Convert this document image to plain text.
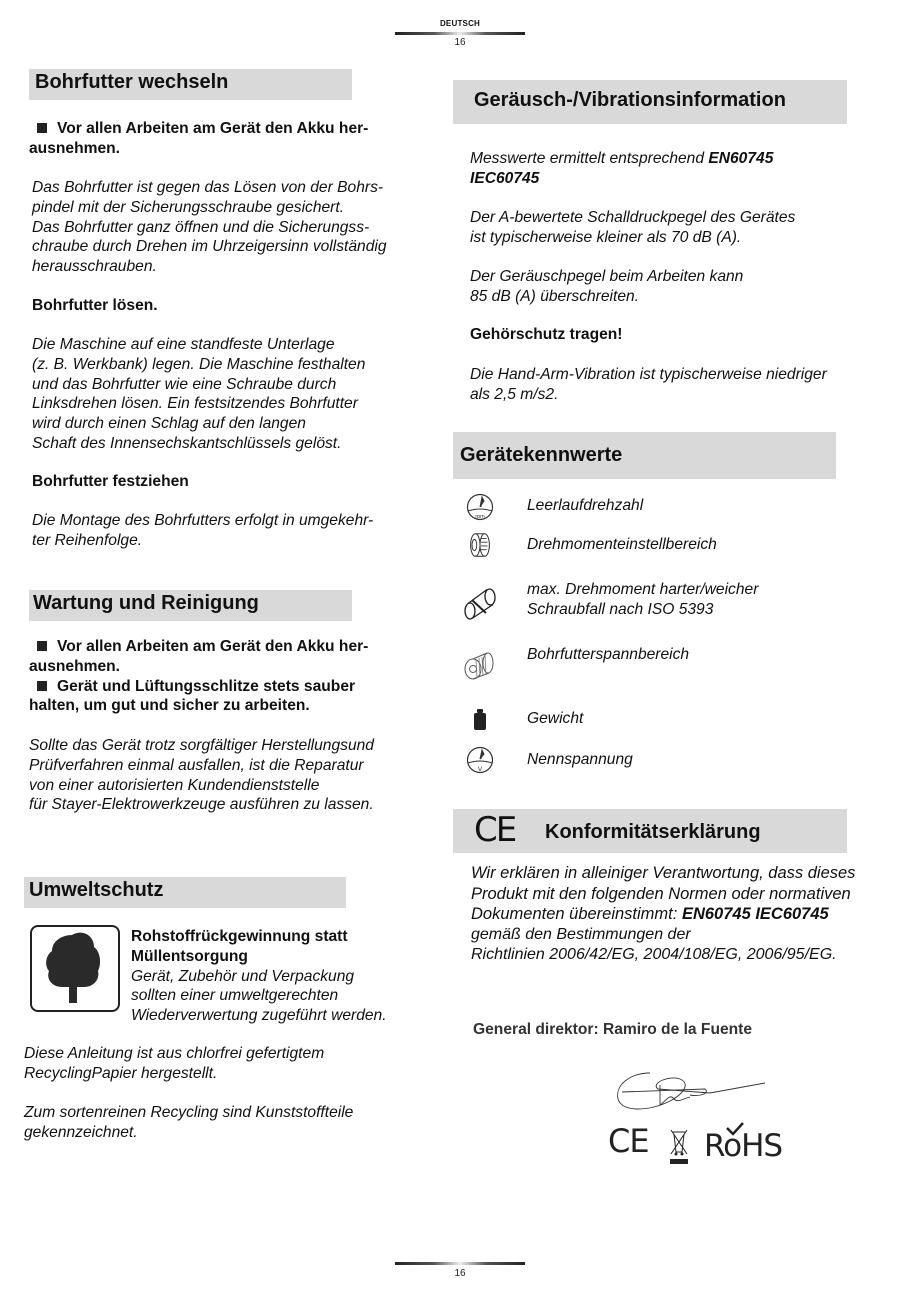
DEUTSCH
16
Bohrfutter wechseln

Vor allen Arbeiten am Gerät den Akku her-

ausnehmen.

Das Bohrfutter ist gegen das Lösen von der Bohrs-

pindel mit der Sicherungsschraube gesichert.

Das Bohrfutter ganz öffnen und die Sicherungss-

chraube durch Drehen im Uhrzeigersinn vollständig

herausschrauben.

Bohrfutter lösen.

Die Maschine auf eine standfeste Unterlage

(z. B. Werkbank) legen. Die Maschine festhalten

und das Bohrfutter wie eine Schraube durch

Linksdrehen lösen. Ein festsitzendes Bohrfutter

wird durch einen Schlag auf den langen

Schaft des Innensechskantschlüssels gelöst.

Bohrfutter festziehen

Die Montage des Bohrfutters erfolgt in umgekehr-

ter Reihenfolge.

Wartung und Reinigung

Vor allen Arbeiten am Gerät den Akku her-

ausnehmen.

Gerät und Lüftungsschlitze stets sauber

halten, um gut und sicher zu arbeiten.

Sollte das Gerät trotz sorgfältiger Herstellungsund

Prüfverfahren einmal ausfallen, ist die Reparatur

von einer autorisierten Kundendienststelle

für Stayer-Elektrowerkzeuge ausführen zu lassen.

Umweltschutz

Rohstoffrückgewinnung statt

Müllentsorgung

Gerät, Zubehör und Verpackung

sollten einer umweltgerechten

Wiederverwertung zugeführt werden.

Diese Anleitung ist aus chlorfrei gefertigtem

RecyclingPapier hergestellt.

Zum sortenreinen Recycling sind Kunststoffteile

gekennzeichnet.

Geräusch-/Vibrationsinformation

Messwerte ermittelt entsprechend EN60745

IEC60745

Der A-bewertete Schalldruckpegel des Gerätes

ist typischerweise kleiner als 70 dB (A).

Der Geräuschpegel beim Arbeiten kann

85 dB (A) überschreiten.

Gehörschutz tragen!

Die Hand-Arm-Vibration ist typischerweise niedriger

als 2,5 m/s2.

Gerätekennwerte
rpm
Leerlaufdrehzahl
Drehmomenteinstellbereich
max. Drehmoment harter/weicher
Schraubfall nach ISO 5393
Bohrfutterspannbereich
Gewicht
V
Nennspannung
CE Konformitätserklärung

Wir erklären in alleiniger Verantwortung, dass dieses

Produkt mit den folgenden Normen oder normativen

Dokumenten übereinstimmt: EN60745 IEC60745

gemäß den Bestimmungen der

Richtlinien 2006/42/EG, 2004/108/EG, 2006/95/EG.

General direktor: Ramiro de la Fuente

CE RoHS
16
